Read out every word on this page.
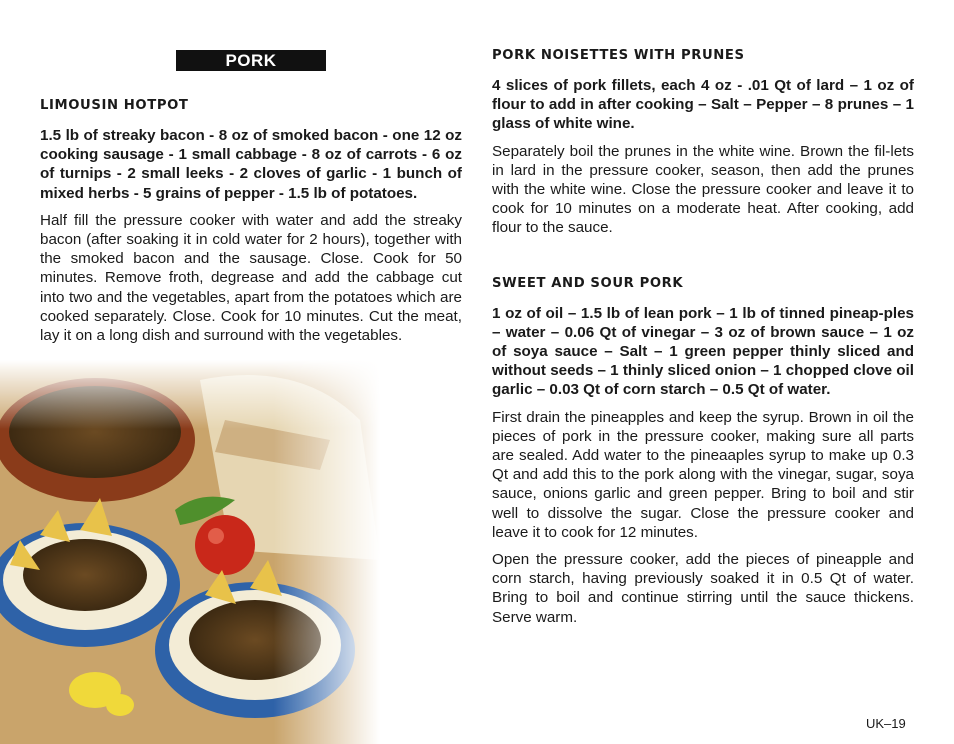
PORK
LIMOUSIN HOTPOT

1.5 lb of streaky bacon - 8 oz of smoked bacon - one 12 oz cooking sausage - 1 small cabbage - 8 oz of carrots - 6 oz of turnips - 2 small leeks - 2 cloves of garlic - 1 bunch of mixed herbs - 5 grains of pepper - 1.5 lb of potatoes.

Half fill the pressure cooker with water and add the streaky bacon (after soaking it in cold water for 2 hours), together with the smoked bacon and the sausage. Close. Cook for 50 minutes. Remove froth, degrease and add the cabbage cut into two and the vegetables, apart from the potatoes which are cooked separately. Close. Cook for 10 minutes. Cut the meat, lay it on a long dish and surround with the vegetables.

PORK NOISETTES WITH PRUNES

4 slices of pork fillets, each 4 oz - .01 Qt of lard – 1 oz of flour to add in after cooking – Salt – Pepper – 8 prunes – 1 glass of white wine.

Separately boil the prunes in the white wine. Brown the fil-lets in lard in the pressure cooker, season, then add the prunes with the white wine. Close the pressure cooker and leave it to cook for 10 minutes on a moderate heat. After cooking, add flour to the sauce.

SWEET AND SOUR PORK

1 oz of oil – 1.5 lb of lean pork – 1 lb of tinned pineap-ples – water – 0.06 Qt of vinegar – 3 oz of brown sauce – 1 oz of soya sauce – Salt – 1 green pepper thinly sliced and without seeds – 1 thinly sliced onion – 1 chopped clove oil garlic – 0.03 Qt of corn starch – 0.5 Qt of water.

First drain the pineapples and keep the syrup. Brown in oil the pieces of pork in the pressure cooker, making sure all parts are sealed. Add water to the pineaaples syrup to make up 0.3 Qt and add this to the pork along with the vinegar, sugar, soya sauce, onions garlic and green pepper. Bring to boil and stir well to dissolve the sugar. Close the pressure cooker and leave it to cook for 12 minutes.

Open the pressure cooker, add the pieces of pineapple and corn starch, having previously soaked it in 0.5 Qt of water. Bring to boil and continue stirring until the sauce thickens. Serve warm.

UK–19
